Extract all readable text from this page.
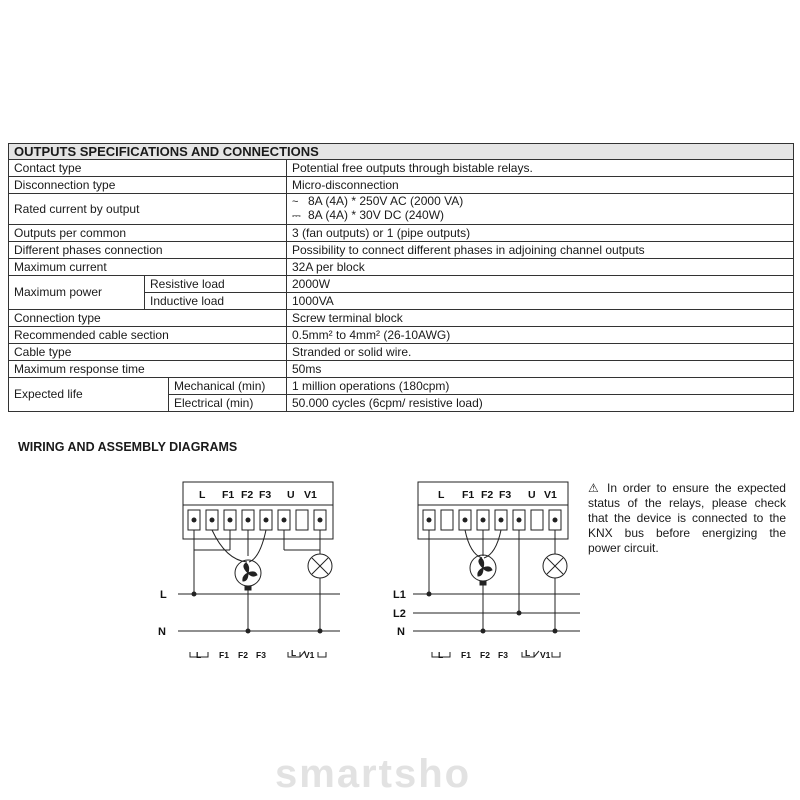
OUTPUTS SPECIFICATIONS AND CONNECTIONS			
Contact type			Potential free outputs through bistable relays.
Disconnection type			Micro-disconnection
Rated current by output			~ 8A (4A) * 250V AC (2000 VA)
⎓ 8A (4A) * 30V DC (240W)

Outputs per common			3 (fan outputs) or 1 (pipe outputs)
Different phases connection			Possibility to connect different phases in adjoining channel outputs
Maximum current			32A per block
Maximum power	Resistive load		2000W
	Inductive load		1000VA
Connection type			Screw terminal block
Recommended cable section			0.5mm² to 4mm² (26-10AWG)
Cable type			Stranded or solid wire.
Maximum response time			50ms
Expected life		Mechanical (min)	1 million operations (180cpm)
		Electrical (min)	50.000 cycles (6cpm/ resistive load)
WIRING AND ASSEMBLY DIAGRAMS
L F1 F2 F3 U V1	L F1 F2 F3 U V1
L
N
L1
L2
N
L F1 F2 F3	L V1	L F1 F2 F3 L V1
⚠ In order to ensure the expected status of the relays, please check that the device is connected to the KNX bus before energizing the power circuit.
smartsho
